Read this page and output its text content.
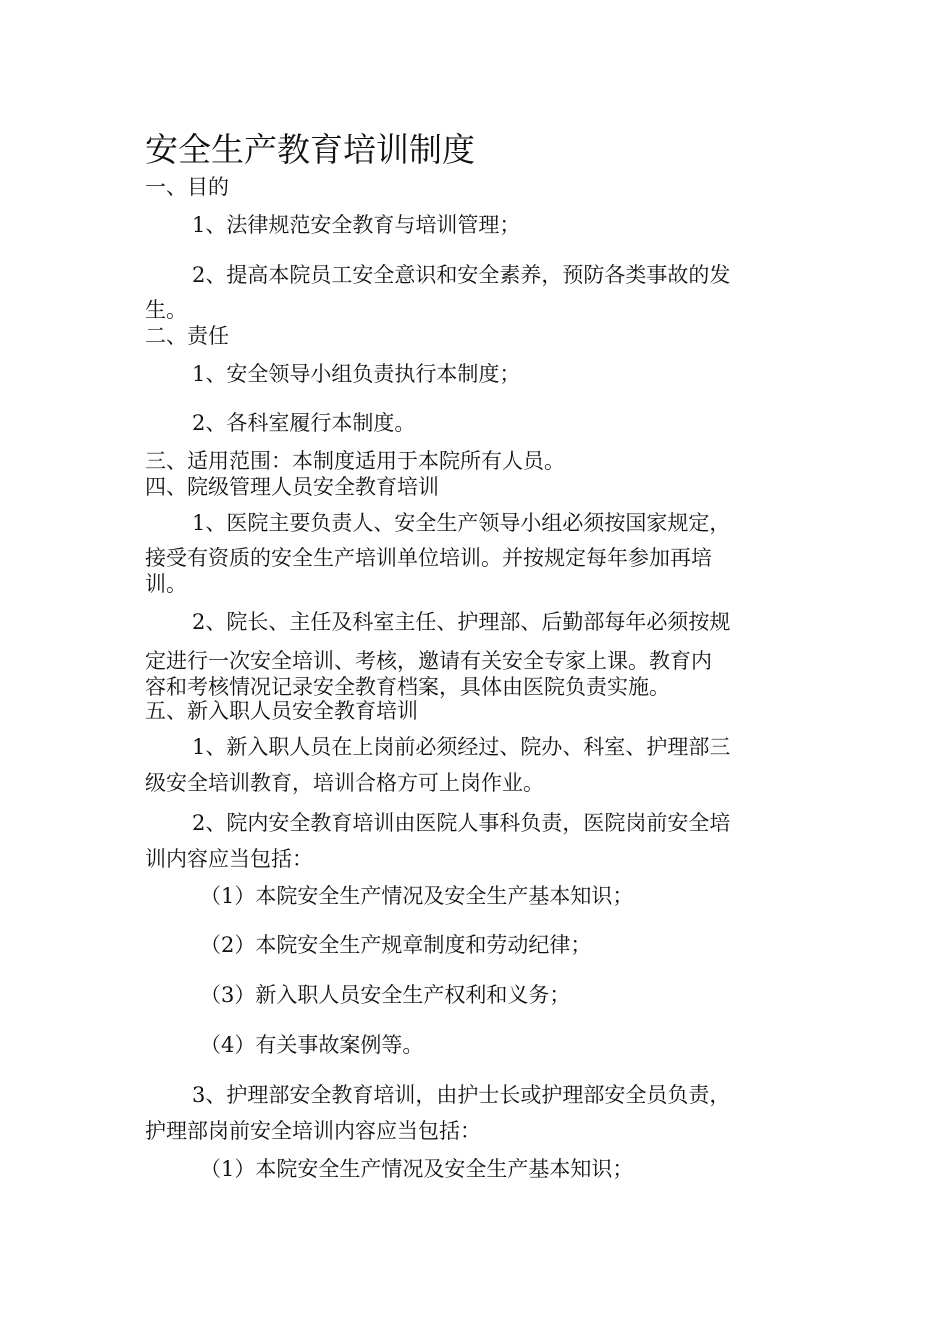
安全生产教育培训制度
一、目的
1、法律规范安全教育与培训管理；
2、提高本院员工安全意识和安全素养，预防各类事故的发
生。
二、责任
1、安全领导小组负责执行本制度；
2、各科室履行本制度。
三、适用范围：本制度适用于本院所有人员。
四、院级管理人员安全教育培训
1、医院主要负责人、安全生产领导小组必须按国家规定，
接受有资质的安全生产培训单位培训。并按规定每年参加再培
训。
2、院长、主任及科室主任、护理部、后勤部每年必须按规
定进行一次安全培训、考核，邀请有关安全专家上课。教育内
容和考核情况记录安全教育档案，具体由医院负责实施。
五、新入职人员安全教育培训
1、新入职人员在上岗前必须经过、院办、科室、护理部三
级安全培训教育，培训合格方可上岗作业。
2、院内安全教育培训由医院人事科负责，医院岗前安全培
训内容应当包括：
（1）本院安全生产情况及安全生产基本知识；
（2）本院安全生产规章制度和劳动纪律；
（3）新入职人员安全生产权利和义务；
（4）有关事故案例等。
3、护理部安全教育培训，由护士长或护理部安全员负责，
护理部岗前安全培训内容应当包括：
（1）本院安全生产情况及安全生产基本知识；
